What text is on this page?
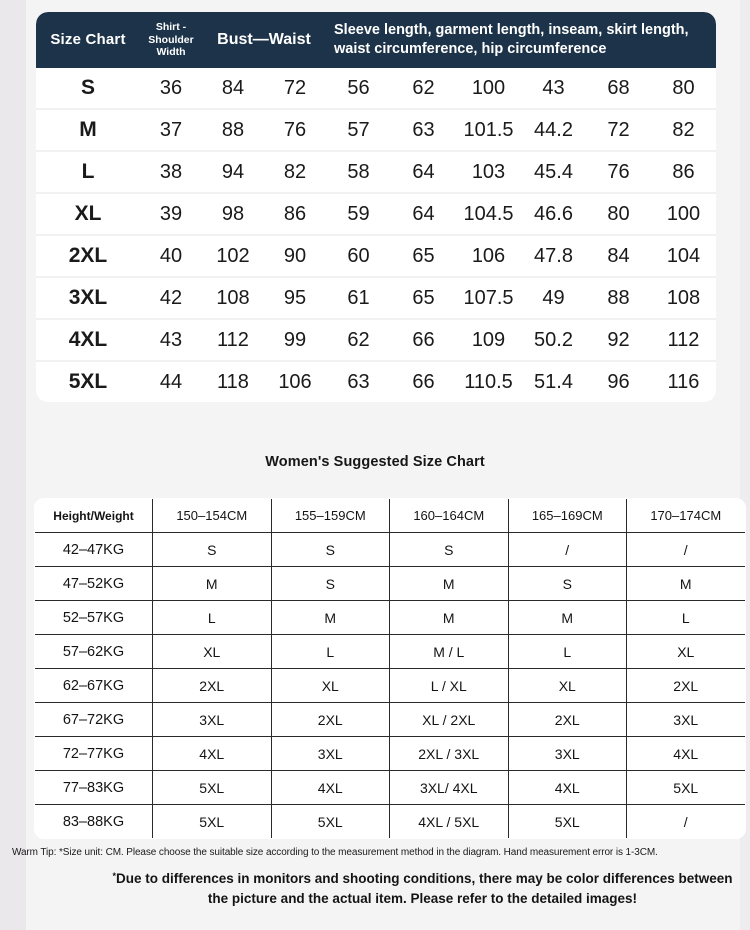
Size Chart	Shirt - Shoulder Width	Bust—Waist		Sleeve length, garment length, inseam, skirt length, waist circumference, hip circumference					
S	36	84	72	56	62	100	43	68	80
M	37	88	76	57	63	101.5	44.2	72	82
L	38	94	82	58	64	103	45.4	76	86
XL	39	98	86	59	64	104.5	46.6	80	100
2XL	40	102	90	60	65	106	47.8	84	104
3XL	42	108	95	61	65	107.5	49	88	108
4XL	43	112	99	62	66	109	50.2	92	112
5XL	44	118	106	63	66	110.5	51.4	96	116
Women's Suggested Size Chart
Height/Weight	150–154CM	155–159CM	160–164CM	165–169CM	170–174CM
42–47KG	S	S	S	/	/
47–52KG	M	S	M	S	M
52–57KG	L	M	M	M	L
57–62KG	XL	L	M / L	L	XL
62–67KG	2XL	XL	L / XL	XL	2XL
67–72KG	3XL	2XL	XL / 2XL	2XL	3XL
72–77KG	4XL	3XL	2XL / 3XL	3XL	4XL
77–83KG	5XL	4XL	3XL/ 4XL	4XL	5XL
83–88KG	5XL	5XL	4XL / 5XL	5XL	/
Warm Tip: *Size unit: CM. Please choose the suitable size according to the measurement method in the diagram. Hand measurement error is 1-3CM.
*Due to differences in monitors and shooting conditions, there may be color differences between the picture and the actual item. Please refer to the detailed images!
